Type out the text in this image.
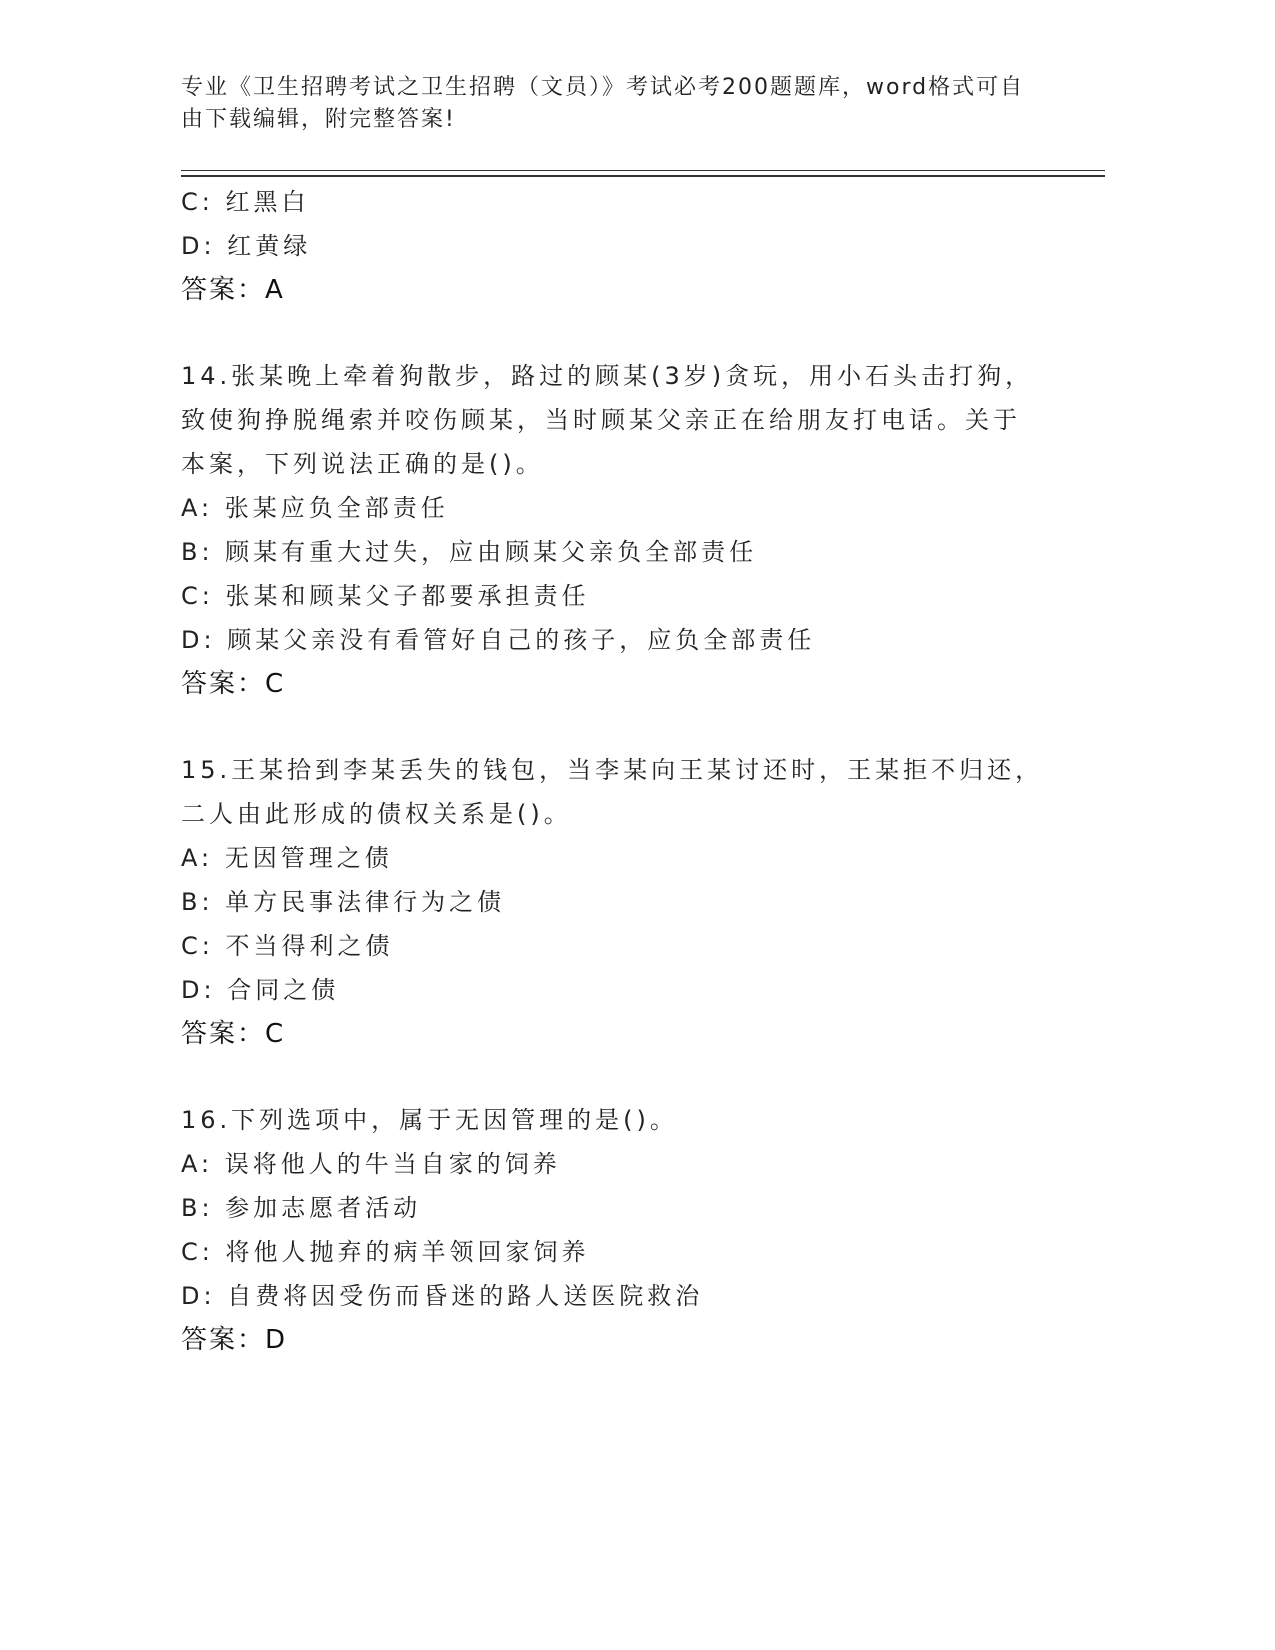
专业《卫生招聘考试之卫生招聘（文员）》考试必考200题题库，word格式可自
由下载编辑，附完整答案!
C: 红黑白
D: 红黄绿
答案：A
14.张某晚上牵着狗散步，路过的顾某(3岁)贪玩，用小石头击打狗，
致使狗挣脱绳索并咬伤顾某，当时顾某父亲正在给朋友打电话。关于
本案，下列说法正确的是()。
A: 张某应负全部责任
B: 顾某有重大过失，应由顾某父亲负全部责任
C: 张某和顾某父子都要承担责任
D: 顾某父亲没有看管好自己的孩子，应负全部责任
答案：C
15.王某拾到李某丢失的钱包，当李某向王某讨还时，王某拒不归还，
二人由此形成的债权关系是()。
A: 无因管理之债
B: 单方民事法律行为之债
C: 不当得利之债
D: 合同之债
答案：C
16.下列选项中，属于无因管理的是()。
A: 误将他人的牛当自家的饲养
B: 参加志愿者活动
C: 将他人抛弃的病羊领回家饲养
D: 自费将因受伤而昏迷的路人送医院救治
答案：D
